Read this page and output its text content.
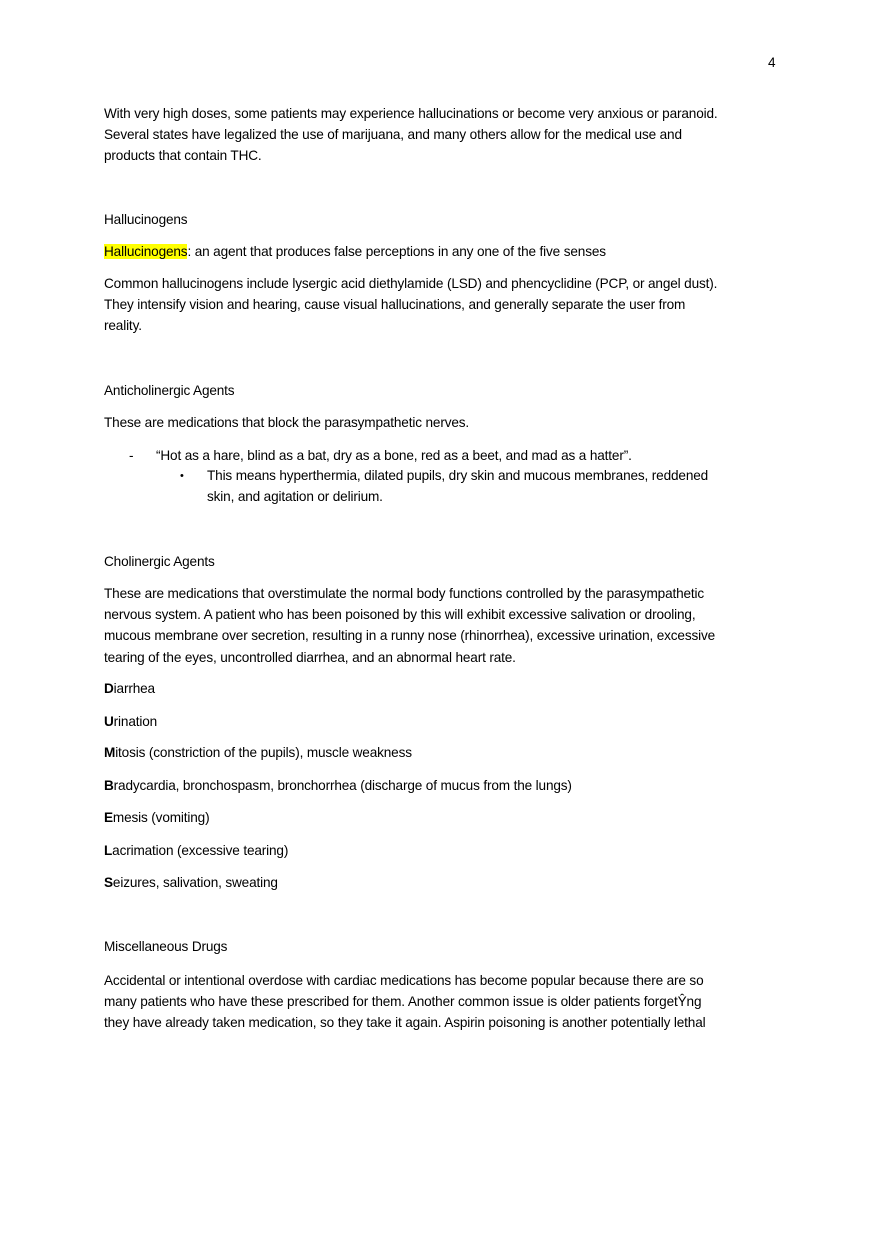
4
With very high doses, some patients may experience hallucinations or become very anxious or paranoid.
Several states have legalized the use of marijuana, and many others allow for the medical use and
products that contain THC.
Hallucinogens
Hallucinogens: an agent that produces false perceptions in any one of the five senses
Common hallucinogens include lysergic acid diethylamide (LSD) and phencyclidine (PCP, or angel dust).
They intensify vision and hearing, cause visual hallucinations, and generally separate the user from
reality.
Anticholinergic Agents
These are medications that block the parasympathetic nerves.
- “Hot as a hare, blind as a bat, dry as a bone, red as a beet, and mad as a hatter”.
• This means hyperthermia, dilated pupils, dry skin and mucous membranes, reddened
skin, and agitation or delirium.
Cholinergic Agents
These are medications that overstimulate the normal body functions controlled by the parasympathetic
nervous system. A patient who has been poisoned by this will exhibit excessive salivation or drooling,
mucous membrane over secretion, resulting in a runny nose (rhinorrhea), excessive urination, excessive
tearing of the eyes, uncontrolled diarrhea, and an abnormal heart rate.
Diarrhea
Urination
Mitosis (constriction of the pupils), muscle weakness
Bradycardia, bronchospasm, bronchorrhea (discharge of mucus from the lungs)
Emesis (vomiting)
Lacrimation (excessive tearing)
Seizures, salivation, sweating
Miscellaneous Drugs
Accidental or intentional overdose with cardiac medications has become popular because there are so
many patients who have these prescribed for them. Another common issue is older patients forgetŶng
they have already taken medication, so they take it again. Aspirin poisoning is another potentially lethal
